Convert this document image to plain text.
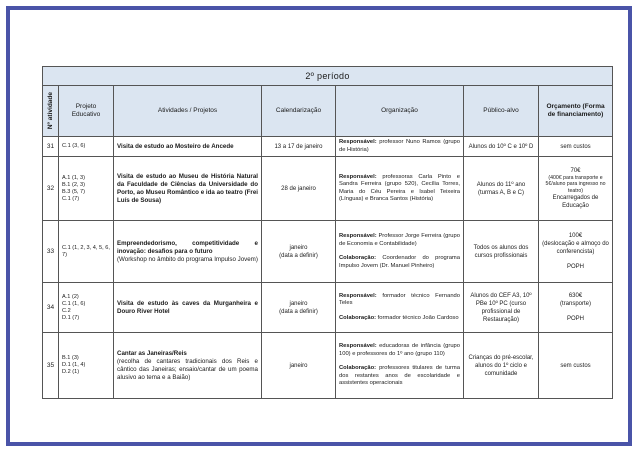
2º período						

Nº atividade	Projeto Educativo	Atividades / Projetos	Calendarização	Organização	Público-alvo	Orçamento (Forma de financiamento)
31	C.1 (3, 6)	Visita de estudo ao Mosteiro de Ancede	13 a 17 de janeiro	Responsável: professor Nuno Ramos (grupo de História)	Alunos do 10º C e 10º D	sem custos

32	A.1 (1, 3)
B.1 (2, 3)
B.3 (5, 7)
C.1 (7)	Visita de estudo ao Museu de História Natural da Faculdade de Ciências da Universidade do Porto, ao Museu Romântico e ida ao teatro (Frei Luís de Sousa)	28 de janeiro	Responsável: professoras Carla Pinto e Sandra Ferreira (grupo 520), Cecília Torres, Maria do Céu Pereira e Isabel Teixeira (Línguas) e Branca Santos (História)	Alunos do 11º ano (turmas A, B e C)	70€
(400€ para transporte e 5€/aluno para ingresso no teatro)
Encarregados de Educação

33	C.1 (1, 2, 3, 4, 5, 6, 7)	Empreendedorismo, competitividade e inovação: desafios para o futuro
(Workshop no âmbito do programa Impulso Jovem)	janeiro
(data a definir)	Responsável: Professor Jorge Ferreira (grupo de Economia e Contabilidade)
Colaboração: Coordenador do programa Impulso Jovem (Dr. Manuel Pinheiro)	Todos os alunos dos cursos profissionais	100€
(deslocação e almoço do conferencista)
POPH

34	A.1 (2)
C.1 (1, 6)
C.2
D.1 (7)	Visita de estudo às caves da Murganheira e Douro River Hotel	janeiro
(data a definir)	Responsável: formador técnico Fernando Teles
Colaboração: formador técnico João Cardoso	Alunos do CEF A3, 10º PBe 10º PC (curso profissional de Restauração)	630€
(transporte)
POPH

35	B.1 (3)
D.1 (1, 4)
D.2 (1)	Cantar as Janeiras/Reis
(recolha de cantares tradicionais dos Reis e cântico das Janeiras; ensaio/cantar de um poema alusivo ao tema e a Baião)	janeiro	Responsável: educadoras de infância (grupo 100) e professores do 1º ano (grupo 110)
Colaboração: professores titulares de turma dos restantes anos de escolaridade e assistentes operacionais	Crianças do pré-escolar, alunos do 1º ciclo e comunidade	sem custos
